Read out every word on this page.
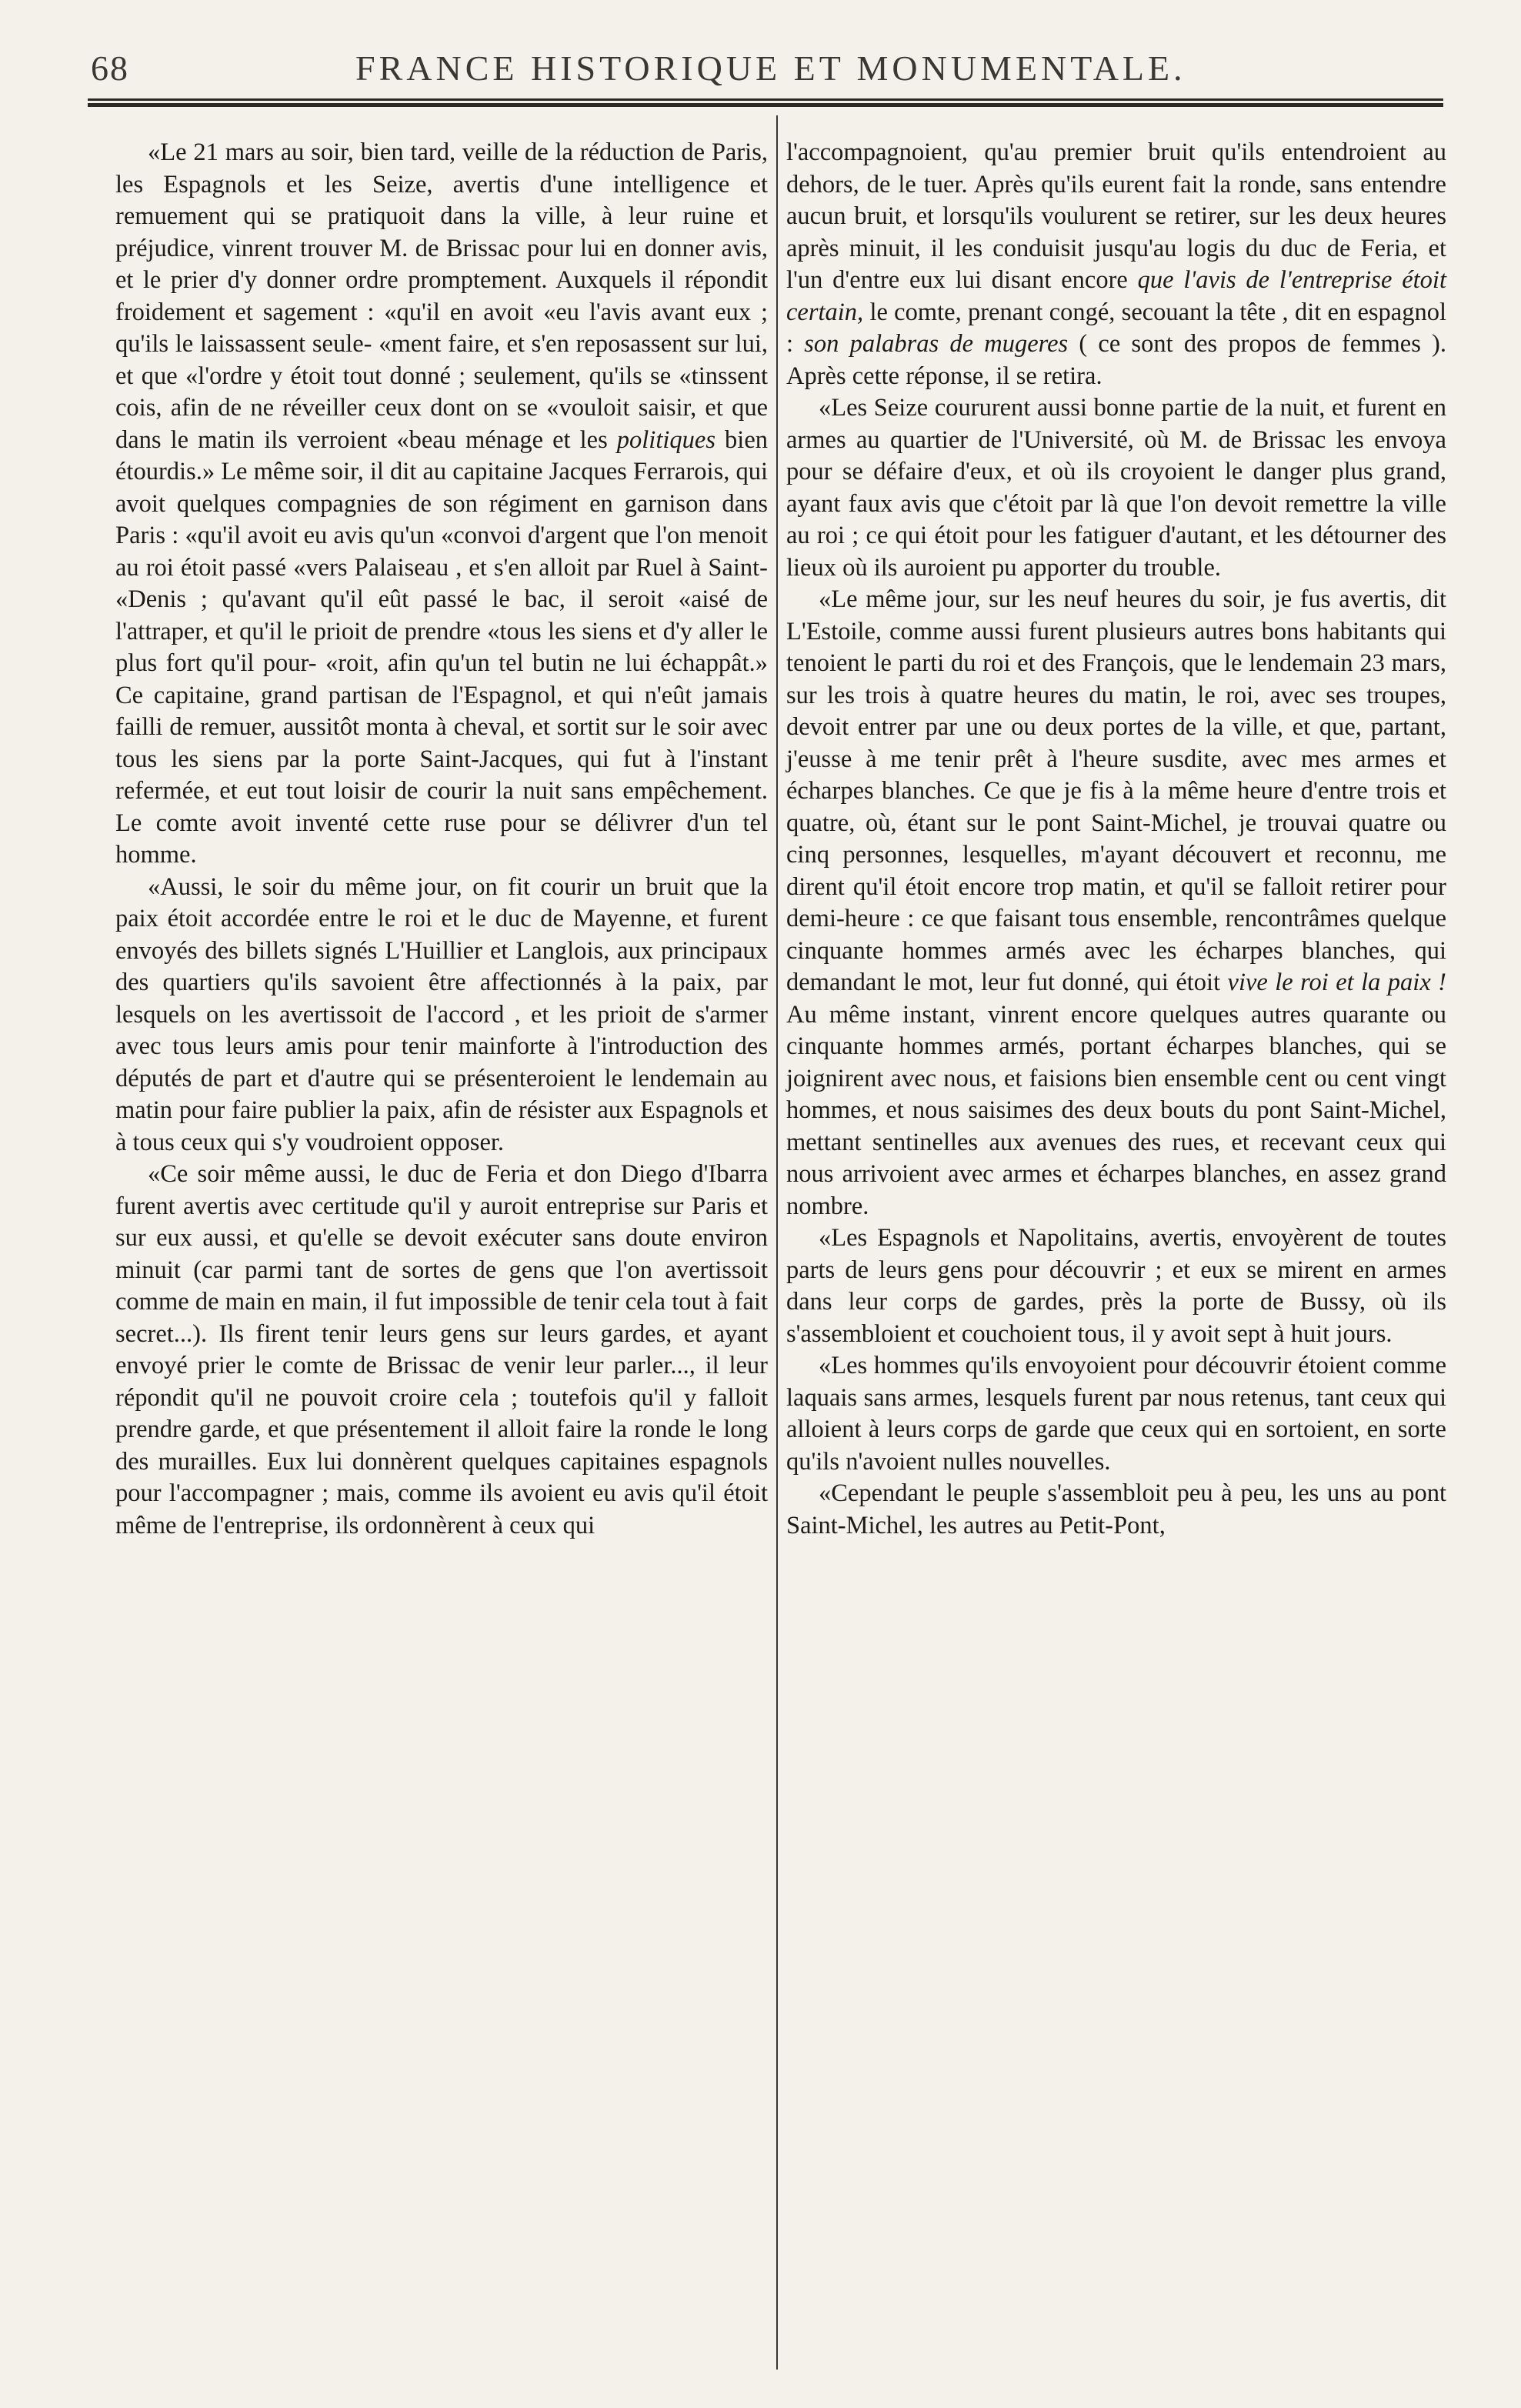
68	FRANCE HISTORIQUE ET MONUMENTALE.

«Le 21 mars au soir, bien tard, veille de la réduction de Paris, les Espagnols et les Seize, avertis d'une intelligence et remuement qui se pratiquoit dans la ville, à leur ruine et préjudice, vinrent trouver M. de Brissac pour lui en donner avis, et le prier d'y donner ordre promptement. Auxquels il répondit froidement et sagement : «qu'il en avoit «eu l'avis avant eux ; qu'ils le laissassent seule- «ment faire, et s'en reposassent sur lui, et que «l'ordre y étoit tout donné ; seulement, qu'ils se «tinssent cois, afin de ne réveiller ceux dont on se «vouloit saisir, et que dans le matin ils verroient «beau ménage et les politiques bien étourdis.» Le même soir, il dit au capitaine Jacques Ferrarois, qui avoit quelques compagnies de son régiment en garnison dans Paris : «qu'il avoit eu avis qu'un «convoi d'argent que l'on menoit au roi étoit passé «vers Palaiseau , et s'en alloit par Ruel à Saint- «Denis ; qu'avant qu'il eût passé le bac, il seroit «aisé de l'attraper, et qu'il le prioit de prendre «tous les siens et d'y aller le plus fort qu'il pour- «roit, afin qu'un tel butin ne lui échappât.» Ce capitaine, grand partisan de l'Espagnol, et qui n'eût jamais failli de remuer, aussitôt monta à cheval, et sortit sur le soir avec tous les siens par la porte Saint-Jacques, qui fut à l'instant refermée, et eut tout loisir de courir la nuit sans empêchement. Le comte avoit inventé cette ruse pour se délivrer d'un tel homme.

«Aussi, le soir du même jour, on fit courir un bruit que la paix étoit accordée entre le roi et le duc de Mayenne, et furent envoyés des billets signés L'Huillier et Langlois, aux principaux des quartiers qu'ils savoient être affectionnés à la paix, par lesquels on les avertissoit de l'accord , et les prioit de s'armer avec tous leurs amis pour tenir mainforte à l'introduction des députés de part et d'autre qui se présenteroient le lendemain au matin pour faire publier la paix, afin de résister aux Espagnols et à tous ceux qui s'y voudroient opposer.

«Ce soir même aussi, le duc de Feria et don Diego d'Ibarra furent avertis avec certitude qu'il y auroit entreprise sur Paris et sur eux aussi, et qu'elle se devoit exécuter sans doute environ minuit (car parmi tant de sortes de gens que l'on avertissoit comme de main en main, il fut impossible de tenir cela tout à fait secret...). Ils firent tenir leurs gens sur leurs gardes, et ayant envoyé prier le comte de Brissac de venir leur parler..., il leur répondit qu'il ne pouvoit croire cela ; toutefois qu'il y falloit prendre garde, et que présentement il alloit faire la ronde le long des murailles. Eux lui donnèrent quelques capitaines espagnols pour l'accompagner ; mais, comme ils avoient eu avis qu'il étoit même de l'entreprise, ils ordonnèrent à ceux qui

l'accompagnoient, qu'au premier bruit qu'ils entendroient au dehors, de le tuer. Après qu'ils eurent fait la ronde, sans entendre aucun bruit, et lorsqu'ils voulurent se retirer, sur les deux heures après minuit, il les conduisit jusqu'au logis du duc de Feria, et l'un d'entre eux lui disant encore que l'avis de l'entreprise étoit certain, le comte, prenant congé, secouant la tête , dit en espagnol : son palabras de mugeres ( ce sont des propos de femmes ). Après cette réponse, il se retira.

«Les Seize coururent aussi bonne partie de la nuit, et furent en armes au quartier de l'Université, où M. de Brissac les envoya pour se défaire d'eux, et où ils croyoient le danger plus grand, ayant faux avis que c'étoit par là que l'on devoit remettre la ville au roi ; ce qui étoit pour les fatiguer d'autant, et les détourner des lieux où ils auroient pu apporter du trouble.

«Le même jour, sur les neuf heures du soir, je fus avertis, dit L'Estoile, comme aussi furent plusieurs autres bons habitants qui tenoient le parti du roi et des François, que le lendemain 23 mars, sur les trois à quatre heures du matin, le roi, avec ses troupes, devoit entrer par une ou deux portes de la ville, et que, partant, j'eusse à me tenir prêt à l'heure susdite, avec mes armes et écharpes blanches. Ce que je fis à la même heure d'entre trois et quatre, où, étant sur le pont Saint-Michel, je trouvai quatre ou cinq personnes, lesquelles, m'ayant découvert et reconnu, me dirent qu'il étoit encore trop matin, et qu'il se falloit retirer pour demi-heure : ce que faisant tous ensemble, rencontrâmes quelque cinquante hommes armés avec les écharpes blanches, qui demandant le mot, leur fut donné, qui étoit vive le roi et la paix ! Au même instant, vinrent encore quelques autres quarante ou cinquante hommes armés, portant écharpes blanches, qui se joignirent avec nous, et faisions bien ensemble cent ou cent vingt hommes, et nous saisimes des deux bouts du pont Saint-Michel, mettant sentinelles aux avenues des rues, et recevant ceux qui nous arrivoient avec armes et écharpes blanches, en assez grand nombre.

«Les Espagnols et Napolitains, avertis, envoyèrent de toutes parts de leurs gens pour découvrir ; et eux se mirent en armes dans leur corps de gardes, près la porte de Bussy, où ils s'assembloient et couchoient tous, il y avoit sept à huit jours.

«Les hommes qu'ils envoyoient pour découvrir étoient comme laquais sans armes, lesquels furent par nous retenus, tant ceux qui alloient à leurs corps de garde que ceux qui en sortoient, en sorte qu'ils n'avoient nulles nouvelles.

«Cependant le peuple s'assembloit peu à peu, les uns au pont Saint-Michel, les autres au Petit-Pont,
